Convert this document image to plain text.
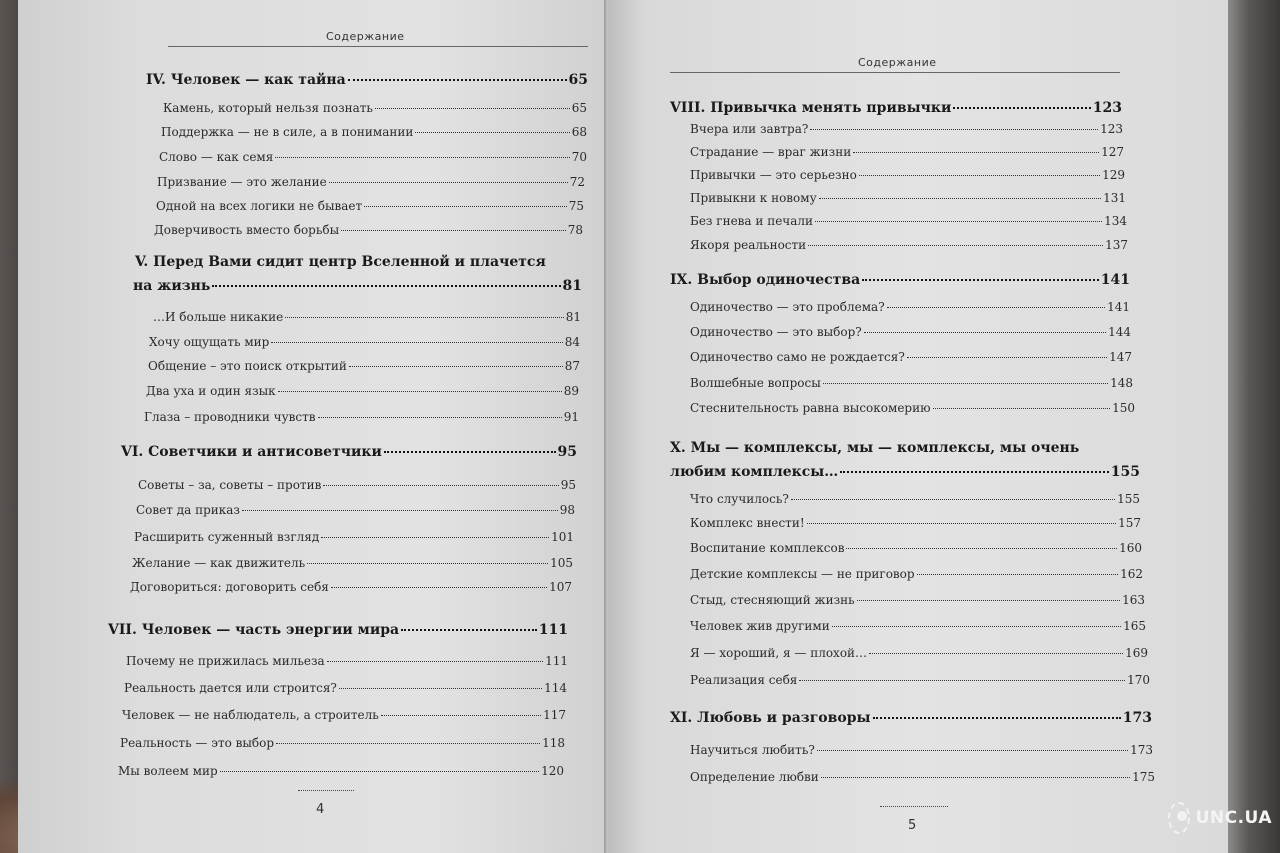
Содержание
IV. Человек — как тайна	65
Камень, который нельзя познать	65
Поддержка — не в силе, а в понимании	68
Слово — как семя	70
Призвание — это желание	72
Одной на всех логики не бывает	75
Доверчивость вместо борьбы	78
V. Перед Вами сидит центр Вселенной и плачется
на жизнь	81
…И больше никакие	81
Хочу ощущать мир	84
Общение – это поиск открытий	87
Два уха и один язык	89
Глаза – проводники чувств	91
VI. Советчики и антисоветчики	95
Советы – за, советы – против	95
Совет да приказ	98
Расширить суженный взгляд	101
Желание — как движитель	105
Договориться: договорить себя	107
VII. Человек — часть энергии мира	111
Почему не прижилась мильеза	111
Реальность дается или строится?	114
Человек — не наблюдатель, а строитель	117
Реальность — это выбор	118
Мы волеем мир	120
4
Содержание
VIII. Привычка менять привычки	123
Вчера или завтра?	123
Страдание — враг жизни	127
Привычки — это серьезно	129
Привыкни к новому	131
Без гнева и печали	134
Якоря реальности	137
IX. Выбор одиночества	141
Одиночество — это проблема?	141
Одиночество — это выбор?	144
Одиночество само не рождается?	147
Волшебные вопросы	148
Стеснительность равна высокомерию	150
X. Мы — комплексы, мы — комплексы, мы очень
любим комплексы…	155
Что случилось?	155
Комплекс внести!	157
Воспитание комплексов	160
Детские комплексы — не приговор	162
Стыд, стесняющий жизнь	163
Человек жив другими	165
Я — хороший, я — плохой…	169
Реализация себя	170
XI. Любовь и разговоры	173
Научиться любить?	173
Определение любви	175
5	UNC.UA
